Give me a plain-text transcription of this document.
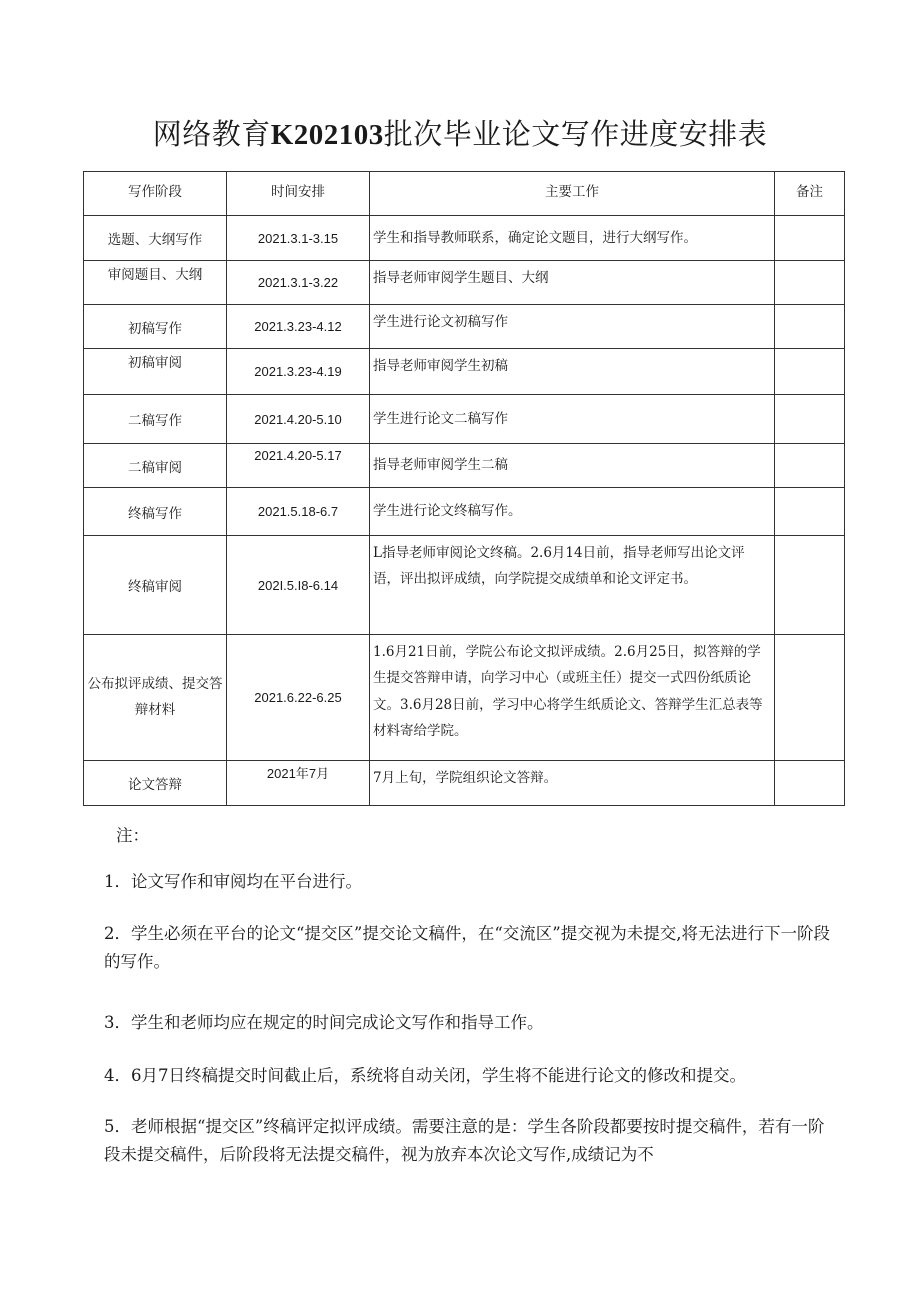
网络教育K202103批次毕业论文写作进度安排表
写作阶段	时间安排	主要工作	备注
选题、大纲写作	2021.3.1-3.15	学生和指导教师联系，确定论文题目，进行大纲写作。	
审阅题目、大纲	2021.3.1-3.22	指导老师审阅学生题目、大纲	
初稿写作	2021.3.23-4.12	学生进行论文初稿写作	
初稿审阅	2021.3.23-4.19	指导老师审阅学生初稿	
二稿写作	2021.4.20-5.10	学生进行论文二稿写作	
二稿审阅	2021.4.20-5.17	指导老师审阅学生二稿	
终稿写作	2021.5.18-6.7	学生进行论文终稿写作。	
终稿审阅	202I.5.I8-6.14	L指导老师审阅论文终稿。2.6月14日前，指导老师写出论文评语，评出拟评成绩，向学院提交成绩单和论文评定书。	
公布拟评成绩、提交答辩材料	2021.6.22-6.25	1.6月21日前，学院公布论文拟评成绩。2.6月25日，拟答辩的学生提交答辩申请，向学习中心（或班主任）提交一式四份纸质论文。3.6月28日前，学习中心将学生纸质论文、答辩学生汇总表等材料寄给学院。	
论文答辩	2021年7月	7月上旬，学院组织论文答辩。	

注：

1．论文写作和审阅均在平台进行。

2．学生必须在平台的论文“提交区”提交论文稿件，在“交流区”提交视为未提交,将无法进行下一阶段的写作。

3．学生和老师均应在规定的时间完成论文写作和指导工作。

4．6月7日终稿提交时间截止后，系统将自动关闭，学生将不能进行论文的修改和提交。

5．老师根据“提交区”终稿评定拟评成绩。需要注意的是：学生各阶段都要按时提交稿件，若有一阶段未提交稿件，后阶段将无法提交稿件，视为放弃本次论文写作,成绩记为不
